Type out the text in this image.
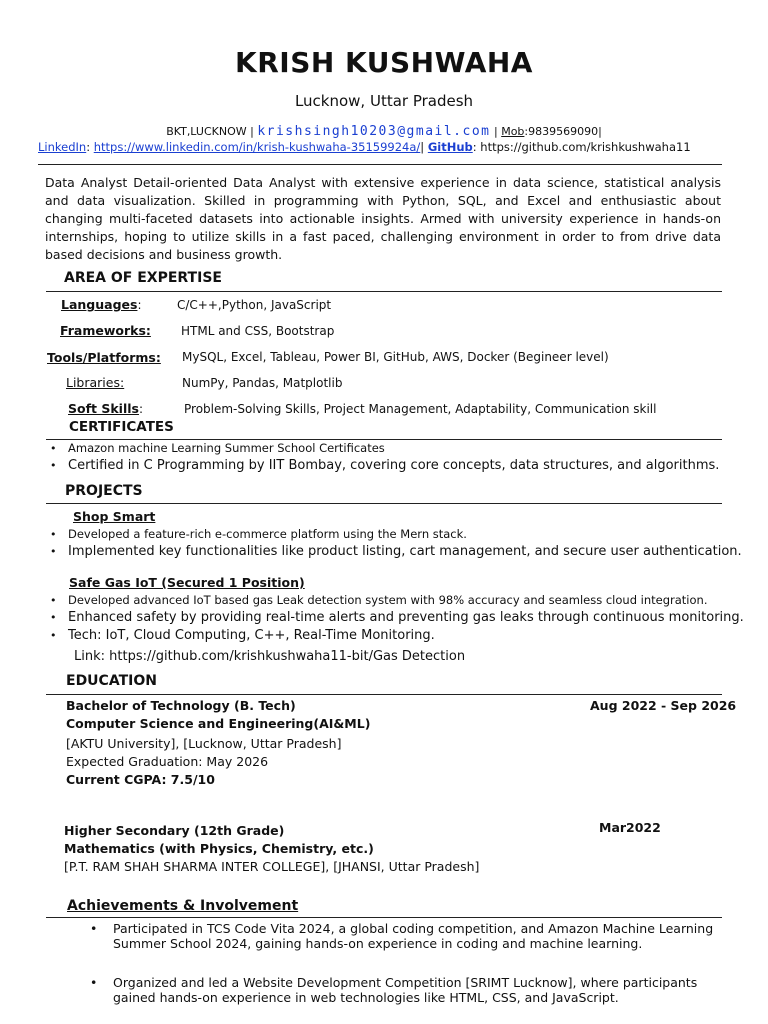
KRISH KUSHWAHA
Lucknow, Uttar Pradesh
BKT,LUCKNOW | krishsingh10203@gmail.com | Mob:9839569090|
LinkedIn: https://www.linkedin.com/in/krish-kushwaha-35159924a/| GitHub: https://github.com/krishkushwaha11
Data Analyst Detail-oriented Data Analyst with extensive experience in data science, statistical analysis and data visualization. Skilled in programming with Python, SQL, and Excel and enthusiastic about changing multi-faceted datasets into actionable insights. Armed with university experience in hands-on internships, hoping to utilize skills in a fast paced, challenging environment in order to from drive data based decisions and business growth.
AREA OF EXPERTISE
Languages:	C/C++,Python, JavaScript
Frameworks:	HTML and CSS, Bootstrap
Tools/Platforms: MySQL, Excel, Tableau, Power BI, GitHub, AWS, Docker (Begineer level)
Libraries:	NumPy, Pandas, Matplotlib
Soft Skills:	Problem-Solving Skills, Project Management, Adaptability, Communication skill
CERTIFICATES
• Amazon machine Learning Summer School Certificates
• Certified in C Programming by IIT Bombay, covering core concepts, data structures, and algorithms.
PROJECTS
Shop Smart
• Developed a feature-rich e-commerce platform using the Mern stack.
• Implemented key functionalities like product listing, cart management, and secure user authentication.
Safe Gas IoT (Secured 1 Position)
• Developed advanced IoT based gas Leak detection system with 98% accuracy and seamless cloud integration.
• Enhanced safety by providing real-time alerts and preventing gas leaks through continuous monitoring.
• Tech: IoT, Cloud Computing, C++, Real-Time Monitoring.
Link: https://github.com/krishkushwaha11-bit/Gas Detection
EDUCATION
Bachelor of Technology (B. Tech)	Aug 2022 - Sep 2026
Computer Science and Engineering(AI&ML)
[AKTU University], [Lucknow, Uttar Pradesh]
Expected Graduation: May 2026
Current CGPA: 7.5/10
Higher Secondary (12th Grade)	Mar2022
Mathematics (with Physics, Chemistry, etc.)
[P.T. RAM SHAH SHARMA INTER COLLEGE], [JHANSI, Uttar Pradesh]
Achievements & Involvement
• Participated in TCS Code Vita 2024, a global coding competition, and Amazon Machine Learning Summer School 2024, gaining hands-on experience in coding and machine learning.
• Organized and led a Website Development Competition [SRIMT Lucknow], where participants gained hands-on experience in web technologies like HTML, CSS, and JavaScript.
